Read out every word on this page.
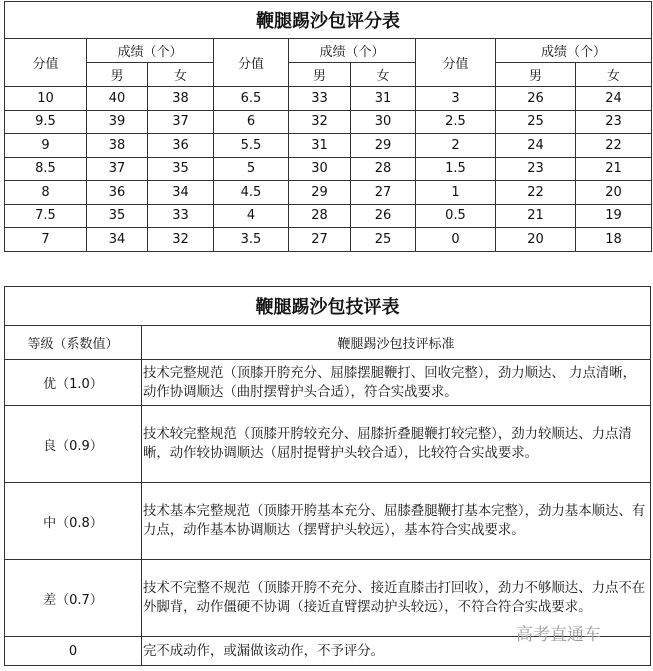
鞭腿踢沙包评分表								
分值	成绩（个）		分值	成绩（个）		分值	成绩（个）	
	男	女		男	女		男	女
10	40	38	6.5	33	31	3	26	24
9.5	39	37	6	32	30	2.5	25	23
9	38	36	5.5	31	29	2	24	22
8.5	37	35	5	30	28	1.5	23	21
8	36	34	4.5	29	27	1	22	20
7.5	35	33	4	28	26	0.5	21	19
7	34	32	3.5	27	25	0	20	18
鞭腿踢沙包技评表	
等级（系数值）	鞭腿踢沙包技评标准
优（1.0）	技术完整规范（顶膝开胯充分、屈膝摆腿鞭打、回收完整），劲力顺达、 力点清晰，动作协调顺达（曲肘摆臂护头合适），符合实战要求。
良（0.9）	技术较完整规范（顶膝开胯较充分、屈膝折叠腿鞭打较完整），劲力较顺达、力点清晰，动作较协调顺达（屈肘提臂护头较合适），比较符合实战要求。
中（0.8）	技术基本完整规范（顶膝开胯基本充分、屈膝叠腿鞭打基本完整），劲力基本顺达、有力点，动作基本协调顺达（摆臂护头较远），基本符合实战要求。
差（0.7）	技术不完整不规范（顶膝开胯不充分、接近直膝击打回收），劲力不够顺达、力点不在外脚背，动作僵硬不协调（接近直臂摆动护头较远），不符合符合实战要求。
0	完不成动作，或漏做该动作，不予评分。
高考直通车
